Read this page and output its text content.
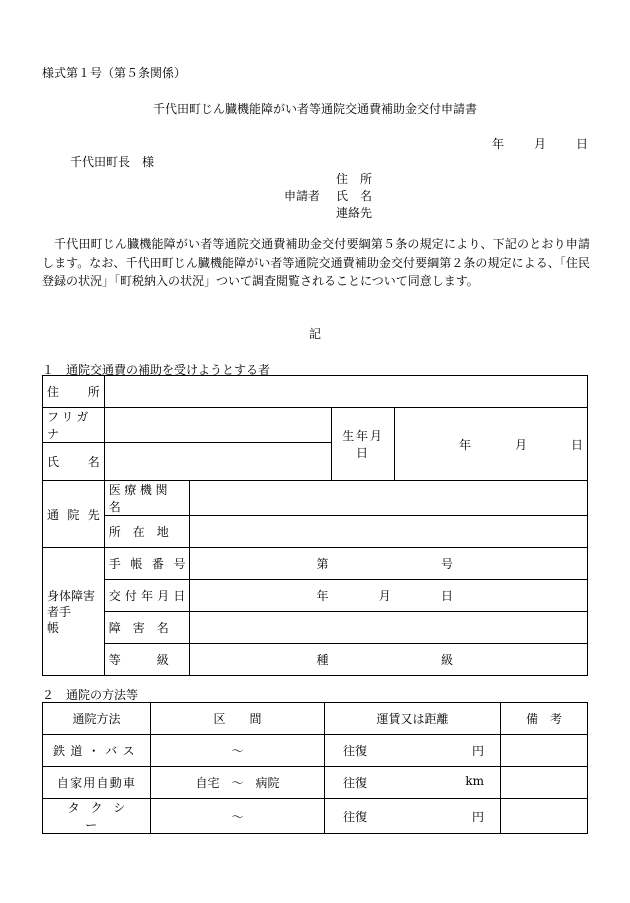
様式第１号（第５条関係）
千代田町じん臓機能障がい者等通院交通費補助金交付申請書
年	月	日
千代田町長　様
住　所
申請者 氏　名
連絡先
千代田町じん臓機能障がい者等通院交通費補助金交付要綱第５条の規定により、下記のとおり申請します。なお、千代田町じん臓機能障がい者等通院交通費補助金交付要綱第２条の規定による、「住民登録の状況」「町税納入の状況」ついて調査閲覧されることについて同意します。
記
１　通院交通費の補助を受けようとする者
住 所				

フリガナ			生年月日	年 月 日

氏 名				

通 院 先	医療機関名			
	所　在　地			
身体障害者手　　帳	手 帳 番 号	第 号		

	交 付 年 月 日	年 月 日		

	障　害　名			
	等　　　級	種 級		
２　通院の方法等
通院方法	区　　間	運賃又は距離	備　考
鉄道・バス	～	往復 円	

自家用自動車	自宅　～　病院	往復 km	

タクシー	～	往復 円	
